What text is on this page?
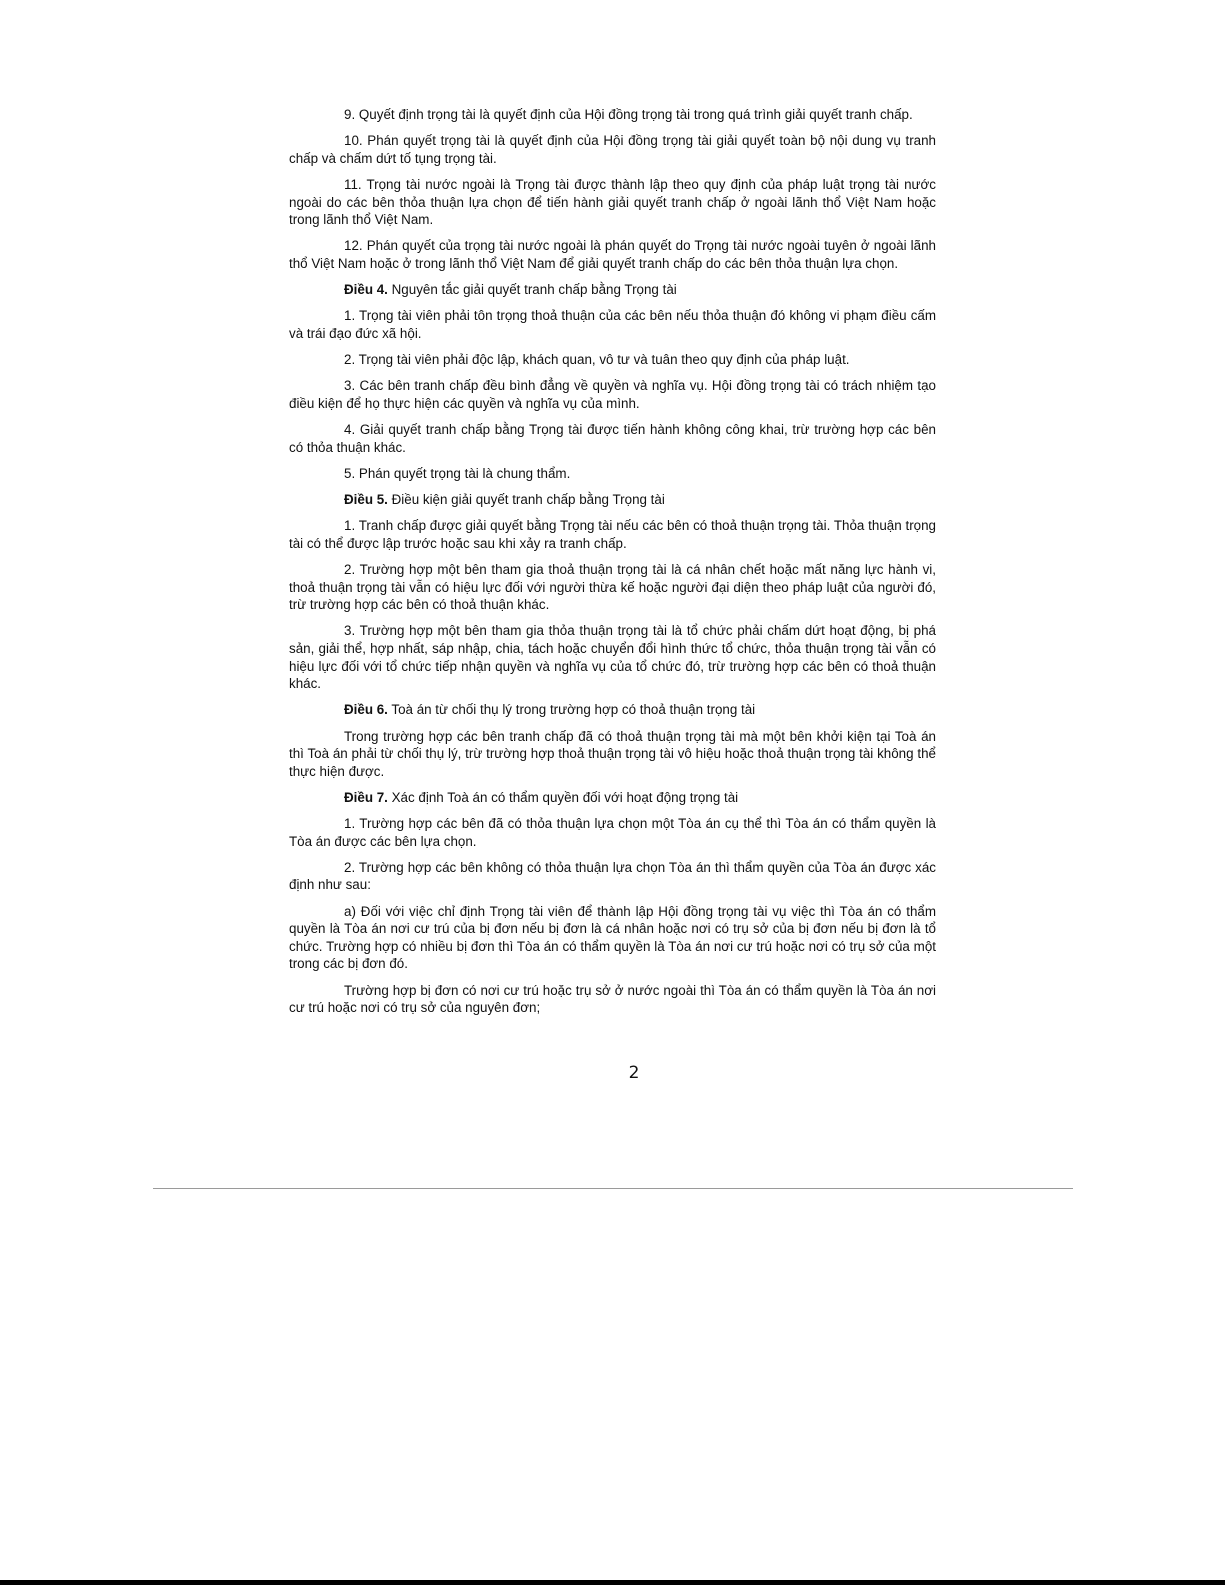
9. Quyết định trọng tài là quyết định của Hội đồng trọng tài trong quá trình giải quyết tranh chấp.

10. Phán quyết trọng tài là quyết định của Hội đồng trọng tài giải quyết toàn bộ nội dung vụ tranh chấp và chấm dứt tố tụng trọng tài.

11. Trọng tài nước ngoài là Trọng tài được thành lập theo quy định của pháp luật trọng tài nước ngoài do các bên thỏa thuận lựa chọn để tiến hành giải quyết tranh chấp ở ngoài lãnh thổ Việt Nam hoặc trong lãnh thổ Việt Nam.

12. Phán quyết của trọng tài nước ngoài là phán quyết do Trọng tài nước ngoài tuyên ở ngoài lãnh thổ Việt Nam hoặc ở trong lãnh thổ Việt Nam để giải quyết tranh chấp do các bên thỏa thuận lựa chọn.

Điều 4. Nguyên tắc giải quyết tranh chấp bằng Trọng tài

1. Trọng tài viên phải tôn trọng thoả thuận của các bên nếu thỏa thuận đó không vi phạm điều cấm và trái đạo đức xã hội.

2. Trọng tài viên phải độc lập, khách quan, vô tư và tuân theo quy định của pháp luật.

3. Các bên tranh chấp đều bình đẳng về quyền và nghĩa vụ. Hội đồng trọng tài có trách nhiệm tạo điều kiện để họ thực hiện các quyền và nghĩa vụ của mình.

4. Giải quyết tranh chấp bằng Trọng tài được tiến hành không công khai, trừ trường hợp các bên có thỏa thuận khác.

5. Phán quyết trọng tài là chung thẩm.

Điều 5. Điều kiện giải quyết tranh chấp bằng Trọng tài

1. Tranh chấp được giải quyết bằng Trọng tài nếu các bên có thoả thuận trọng tài. Thỏa thuận trọng tài có thể được lập trước hoặc sau khi xảy ra tranh chấp.

2. Trường hợp một bên tham gia thoả thuận trọng tài là cá nhân chết hoặc mất năng lực hành vi, thoả thuận trọng tài vẫn có hiệu lực đối với người thừa kế hoặc người đại diện theo pháp luật của người đó, trừ trường hợp các bên có thoả thuận khác.

3. Trường hợp một bên tham gia thỏa thuận trọng tài là tổ chức phải chấm dứt hoạt động, bị phá sản, giải thể, hợp nhất, sáp nhập, chia, tách hoặc chuyển đổi hình thức tổ chức, thỏa thuận trọng tài vẫn có hiệu lực đối với tổ chức tiếp nhận quyền và nghĩa vụ của tổ chức đó, trừ trường hợp các bên có thoả thuận khác.

Điều 6. Toà án từ chối thụ lý trong trường hợp có thoả thuận trọng tài

Trong trường hợp các bên tranh chấp đã có thoả thuận trọng tài mà một bên khởi kiện tại Toà án thì Toà án phải từ chối thụ lý, trừ trường hợp thoả thuận trọng tài vô hiệu hoặc thoả thuận trọng tài không thể thực hiện được.

Điều 7. Xác định Toà án có thẩm quyền đối với hoạt động trọng tài

1. Trường hợp các bên đã có thỏa thuận lựa chọn một Tòa án cụ thể thì Tòa án có thẩm quyền là Tòa án được các bên lựa chọn.

2. Trường hợp các bên không có thỏa thuận lựa chọn Tòa án thì thẩm quyền của Tòa án được xác định như sau:

a) Đối với việc chỉ định Trọng tài viên để thành lập Hội đồng trọng tài vụ việc thì Tòa án có thẩm quyền là Tòa án nơi cư trú của bị đơn nếu bị đơn là cá nhân hoặc nơi có trụ sở của bị đơn nếu bị đơn là tổ chức. Trường hợp có nhiều bị đơn thì Tòa án có thẩm quyền là Tòa án nơi cư trú hoặc nơi có trụ sở của một trong các bị đơn đó.

Trường hợp bị đơn có nơi cư trú hoặc trụ sở ở nước ngoài thì Tòa án có thẩm quyền là Tòa án nơi cư trú hoặc nơi có trụ sở của nguyên đơn;

2
